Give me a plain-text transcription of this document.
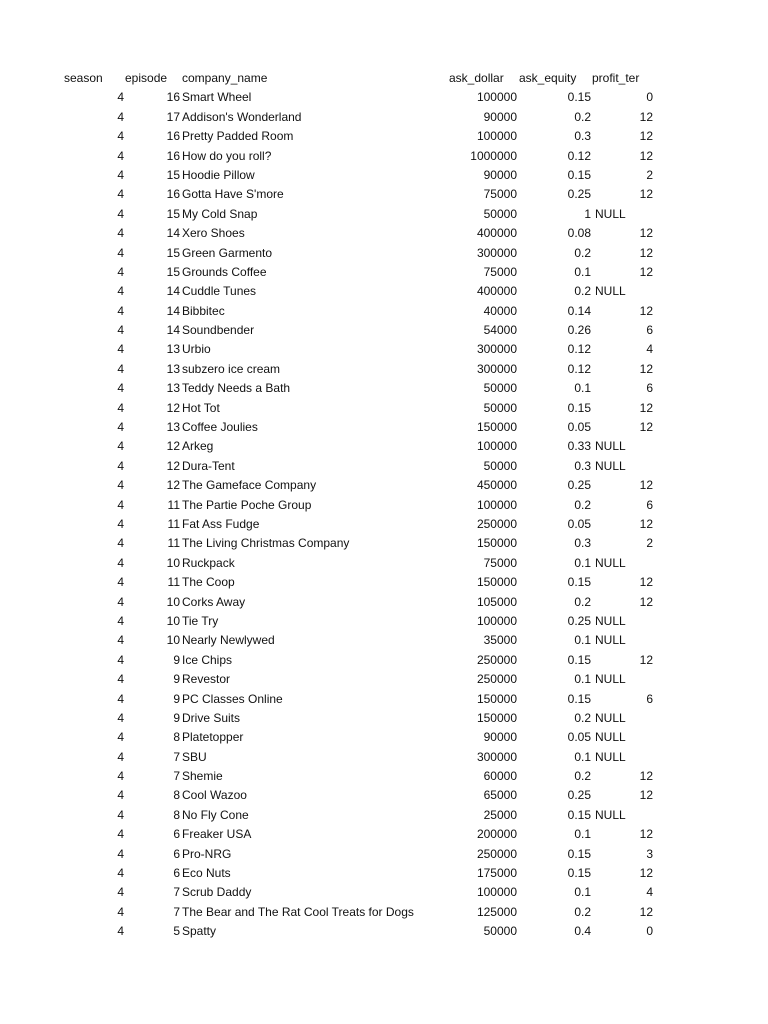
season episode company_name	ask_dollar ask_equity profit_ter
4	16 Smart Wheel	100000	0.15	0
4	17 Addison's Wonderland	90000	0.2	12
4	16 Pretty Padded Room	100000	0.3	12
4	16 How do you roll?	1000000	0.12	12
4	15 Hoodie Pillow	90000	0.15	2
4	16 Gotta Have S'more	75000	0.25	12
4	15 My Cold Snap	50000	1 NULL
4	14 Xero Shoes	400000	0.08	12
4	15 Green Garmento	300000	0.2	12
4	15 Grounds Coffee	75000	0.1	12
4	14 Cuddle Tunes	400000	0.2 NULL
4	14 Bibbitec	40000	0.14	12
4	14 Soundbender	54000	0.26	6
4	13 Urbio	300000	0.12	4
4	13 subzero ice cream	300000	0.12	12
4	13 Teddy Needs a Bath	50000	0.1	6
4	12 Hot Tot	50000	0.15	12
4	13 Coffee Joulies	150000	0.05	12
4	12 Arkeg	100000	0.33 NULL
4	12 Dura-Tent	50000	0.3 NULL
4	12 The Gameface Company	450000	0.25	12
4	11 The Partie Poche Group	100000	0.2	6
4	11 Fat Ass Fudge	250000	0.05	12
4	11 The Living Christmas Company	150000	0.3	2
4	10 Ruckpack	75000	0.1 NULL
4	11 The Coop	150000	0.15	12
4	10 Corks Away	105000	0.2	12
4	10 Tie Try	100000	0.25 NULL
4	10 Nearly Newlywed	35000	0.1 NULL
4	9 Ice Chips	250000	0.15	12
4	9 Revestor	250000	0.1 NULL
4	9 PC Classes Online	150000	0.15	6
4	9 Drive Suits	150000	0.2 NULL
4	8 Platetopper	90000	0.05 NULL
4	7 SBU	300000	0.1 NULL
4	7 Shemie	60000	0.2	12
4	8 Cool Wazoo	65000	0.25	12
4	8 No Fly Cone	25000	0.15 NULL
4	6 Freaker USA	200000	0.1	12
4	6 Pro-NRG	250000	0.15	3
4	6 Eco Nuts	175000	0.15	12
4	7 Scrub Daddy	100000	0.1	4
4	7 The Bear and The Rat Cool Treats for Dogs	125000	0.2	12
4	5 Spatty	50000	0.4	0
